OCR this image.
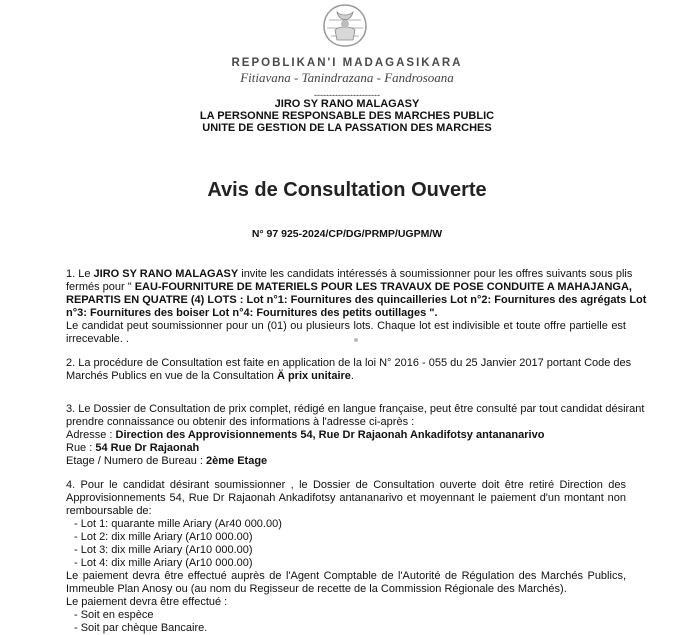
REPOBLIKAN'I MADAGASIKARA
Fitiavana - Tanindrazana - Fandrosoana
----------------------
JIRO SY RANO MALAGASY
LA PERSONNE RESPONSABLE DES MARCHES PUBLIC
UNITE DE GESTION DE LA PASSATION DES MARCHES
Avis de Consultation Ouverte
N° 97 925-2024/CP/DG/PRMP/UGPM/W
1. Le JIRO SY RANO MALAGASY invite les candidats intéressés à soumissionner pour les offres suivants sous plis
fermés pour " EAU-FOURNITURE DE MATERIELS POUR LES TRAVAUX DE POSE CONDUITE A MAHAJANGA,
REPARTIS EN QUATRE (4) LOTS : Lot n°1: Fournitures des quincailleries Lot n°2: Fournitures des agrégats Lot
n°3: Fournitures des boiser Lot n°4: Fournitures des petits outillages ".
Le candidat peut soumissionner pour un (01) ou plusieurs lots. Chaque lot est indivisible et toute offre partielle est
irrecevable. .
2. La procédure de Consultation est faite en application de la loi N° 2016 - 055 du 25 Janvier 2017 portant Code des
Marchés Publics en vue de la Consultation Ä prix unitaire.
3. Le Dossier de Consultation de prix complet, rédigé en langue française, peut être consulté par tout candidat désirant
prendre connaissance ou obtenir des informations à l'adresse ci-après :
Adresse : Direction des Approvisionnements 54, Rue Dr Rajaonah Ankadifotsy antananarivo
Rue : 54 Rue Dr Rajaonah
Etage / Numero de Bureau : 2ème Etage
4. Pour le candidat désirant soumissionner , le Dossier de Consultation ouverte doit être retiré Direction des
Approvisionnements 54, Rue Dr Rajaonah Ankadifotsy antananarivo et moyennant le paiement d'un montant non
remboursable de:
- Lot 1: quarante mille Ariary (Ar40 000.00)
- Lot 2: dix mille Ariary (Ar10 000.00)
- Lot 3: dix mille Ariary (Ar10 000.00)
- Lot 4: dix mille Ariary (Ar10 000.00)
Le paiement devra être effectué auprès de l'Agent Comptable de l'Autorité de Régulation des Marchés Publics,
Immeuble Plan Anosy ou (au nom du Regisseur de recette de la Commission Régionale des Marchés).
Le paiement devra être effectué :
- Soit en espèce
- Soit par chèque Bancaire.
